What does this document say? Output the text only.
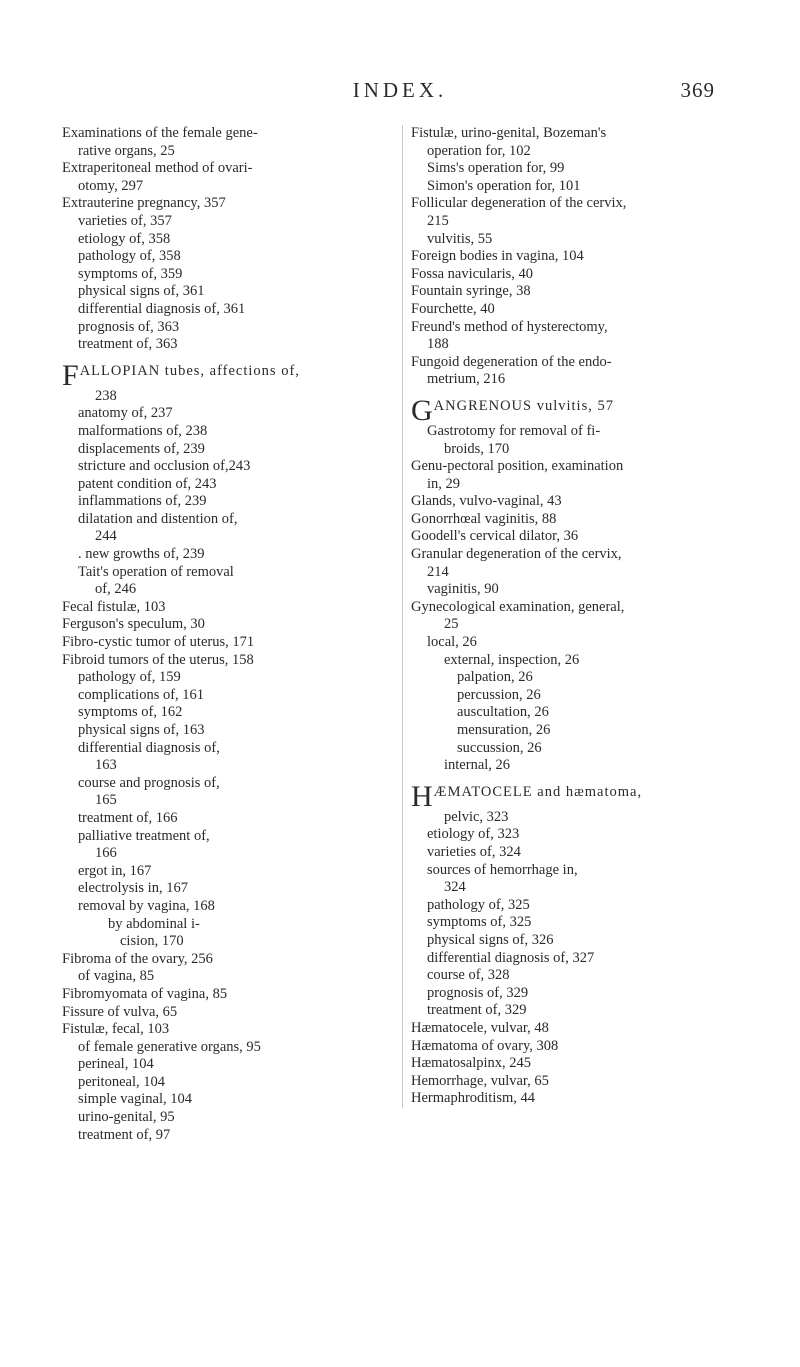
INDEX.	369
Examinations of the female gene-
rative organs, 25
Extraperitoneal method of ovari-
otomy, 297
Extrauterine pregnancy, 357
varieties of, 357
etiology of, 358
pathology of, 358
symptoms of, 359
physical signs of, 361
differential diagnosis of, 361
prognosis of, 363
treatment of, 363
FALLOPIAN tubes, affections of,
238
anatomy of, 237
malformations of, 238
displacements of, 239
stricture and occlusion of,243
patent condition of, 243
inflammations of, 239
dilatation and distention of,
244
. new growths of, 239
Tait's operation of removal
of, 246
Fecal fistulæ, 103
Ferguson's speculum, 30
Fibro-cystic tumor of uterus, 171
Fibroid tumors of the uterus, 158
pathology of, 159
complications of, 161
symptoms of, 162
physical signs of, 163
differential diagnosis of,
163
course and prognosis of,
165
treatment of, 166
palliative treatment of,
166
ergot in, 167
electrolysis in, 167
removal by vagina, 168
by abdominal i-
cision, 170
Fibroma of the ovary, 256
of vagina, 85
Fibromyomata of vagina, 85
Fissure of vulva, 65
Fistulæ, fecal, 103
of female generative organs, 95
perineal, 104
peritoneal, 104
simple vaginal, 104
urino-genital, 95
treatment of, 97
Fistulæ, urino-genital, Bozeman's
operation for, 102
Sims's operation for, 99
Simon's operation for, 101
Follicular degeneration of the cervix,
215
vulvitis, 55
Foreign bodies in vagina, 104
Fossa navicularis, 40
Fountain syringe, 38
Fourchette, 40
Freund's method of hysterectomy,
188
Fungoid degeneration of the endo-
metrium, 216
GANGRENOUS vulvitis, 57
Gastrotomy for removal of fi-
broids, 170
Genu-pectoral position, examination
in, 29
Glands, vulvo-vaginal, 43
Gonorrhœal vaginitis, 88
Goodell's cervical dilator, 36
Granular degeneration of the cervix,
214
vaginitis, 90
Gynecological examination, general,
25
local, 26
external, inspection, 26
palpation, 26
percussion, 26
auscultation, 26
mensuration, 26
succussion, 26
internal, 26
HÆMATOCELE and hæmatoma,
pelvic, 323
etiology of, 323
varieties of, 324
sources of hemorrhage in,
324
pathology of, 325
symptoms of, 325
physical signs of, 326
differential diagnosis of, 327
course of, 328
prognosis of, 329
treatment of, 329
Hæmatocele, vulvar, 48
Hæmatoma of ovary, 308
Hæmatosalpinx, 245
Hemorrhage, vulvar, 65
Hermaphroditism, 44
